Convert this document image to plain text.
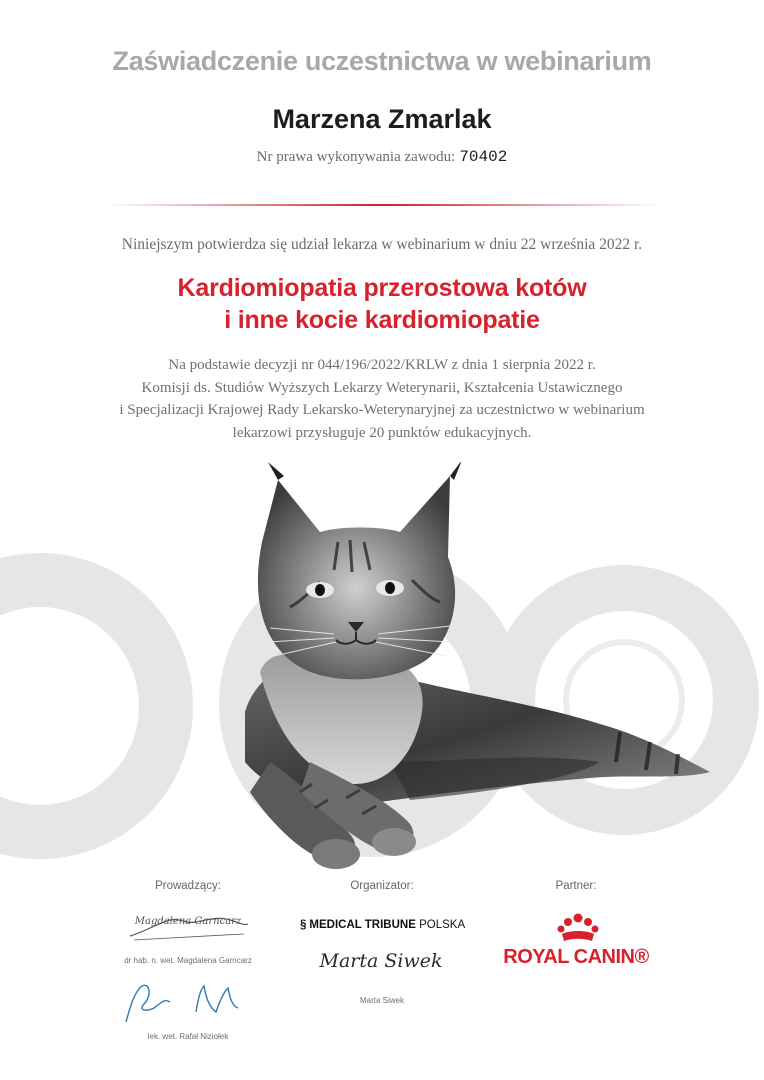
Zaświadczenie uczestnictwa w webinarium
Marzena Zmarlak
Nr prawa wykonywania zawodu: 70402
Niniejszym potwierdza się udział lekarza w webinarium w dniu 22 września 2022 r.
Kardiomiopatia przerostowa kotów
i inne kocie kardiomiopatie
Na podstawie decyzji nr 044/196/2022/KRLW z dnia 1 sierpnia 2022 r.
Komisji ds. Studiów Wyższych Lekarzy Weterynarii, Kształcenia Ustawicznego
i Specjalizacji Krajowej Rady Lekarsko-Weterynaryjnej za uczestnictwo w webinarium
lekarzowi przysługuje 20 punktów edukacyjnych.
Prowadzący:
Magdalena Garncarz
dr hab. n. wet. Magdalena Garncarz
lek. wet. Rafał Niziołek
Organizator:
§ MEDICAL TRIBUNE POLSKA
Marta Siwek
Marta Siwek
Partner:
ROYAL CANIN®
